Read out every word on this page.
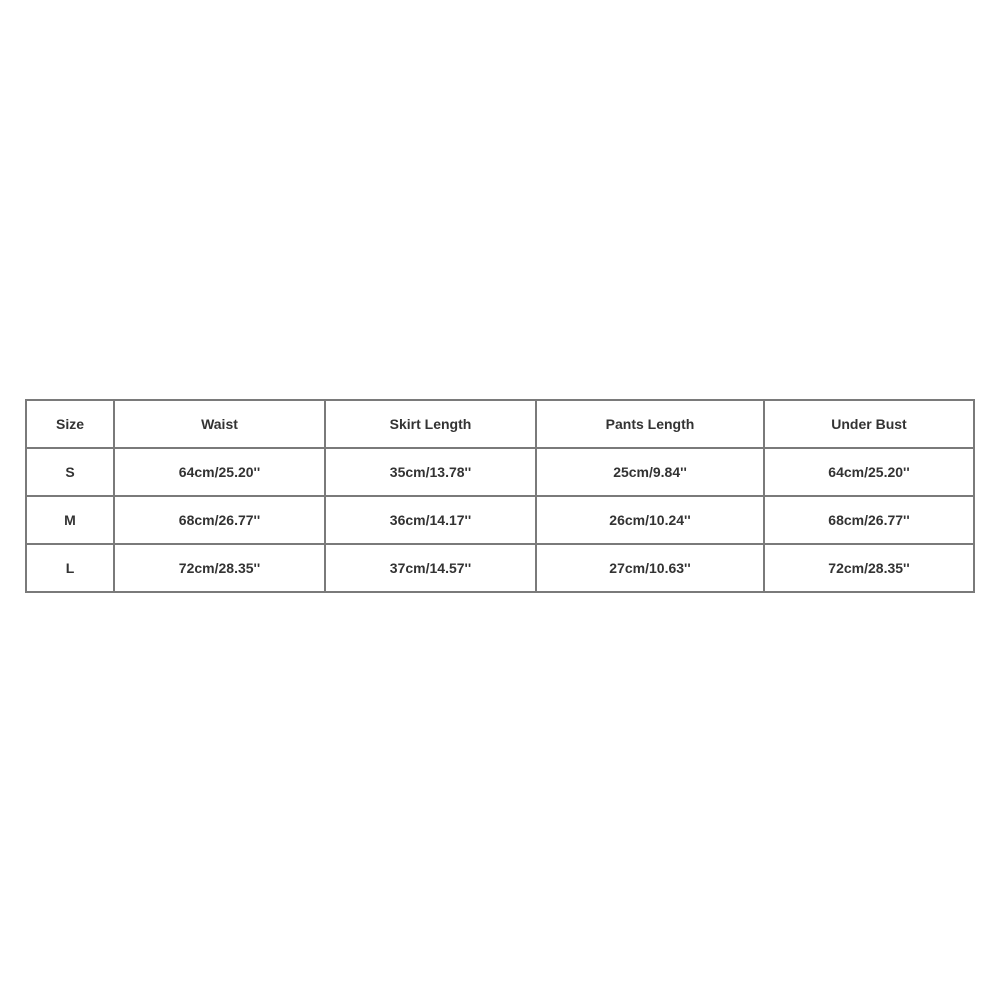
Size	Waist	Skirt Length	Pants Length	Under Bust
S	64cm/25.20''	35cm/13.78''	25cm/9.84''	64cm/25.20''
M	68cm/26.77''	36cm/14.17''	26cm/10.24''	68cm/26.77''
L	72cm/28.35''	37cm/14.57''	27cm/10.63''	72cm/28.35''
